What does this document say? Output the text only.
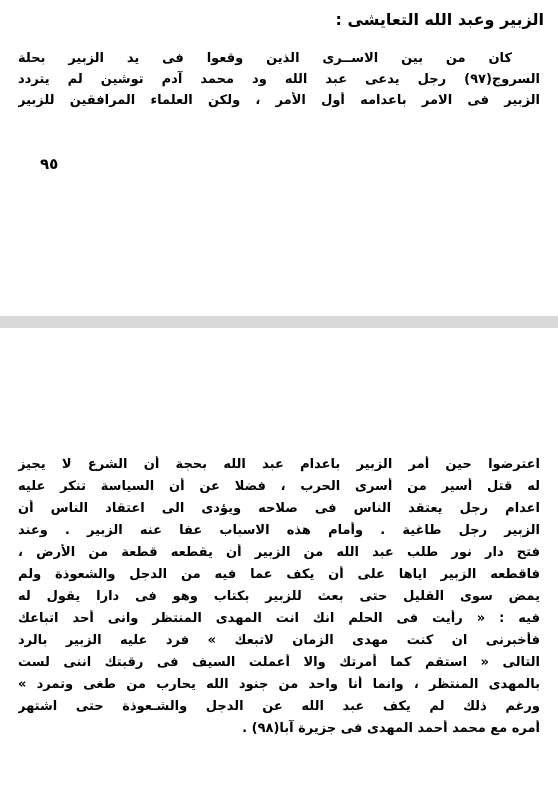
الزبير وعبد الله التعايشى :
كان من بين الاســرى الذين وقعوا فى يد الزبير بحلة
السروج(٩٧) رجل يدعى عبد الله ود محمد آدم توشين لم يتردد
الزبير فى الامر باعدامه أول الأمر ، ولكن العلماء المرافقين للزبير
٩٥
اعترضوا حين أمر الزبير باعدام عبد الله بحجة أن الشرع لا يجيز
له قتل أسير من أسرى الحرب ، فضلا عن أن السياسة تنكر عليه
اعدام رجل يعتقد الناس فى صلاحه ويؤدى الى اعتقاد الناس أن
الزبير رجل طاغية . وأمام هذه الاسباب عفا عنه الزبير . وعند
فتح دار نور طلب عبد الله من الزبير أن يقطعه قطعة من الأرض ،
فاقطعه الزبير اياها على أن يكف عما فيه من الدجل والشعوذة ولم
يمض سوى القليل حتى بعث للزبير بكتاب وهو فى دارا يقول له
فيه : « رأيت فى الحلم انك انت المهدى المنتظر وانى أحد اتباعك
فأخبرنى ان كنت مهدى الزمان لاتبعك » فرد عليه الزبير بالرد
التالى « استقم كما أمرتك والا أعملت السيف فى رقبتك اننى لست
بالمهدى المنتظر ، وانما أنا واحد من جنود الله يحارب من طغى وتمرد »
ورغم ذلك لم يكف عبد الله عن الدجل والشـعوذة حتى اشتهر
أمره مع محمد أحمد المهدى فى جزيرة آبا(٩٨) .
